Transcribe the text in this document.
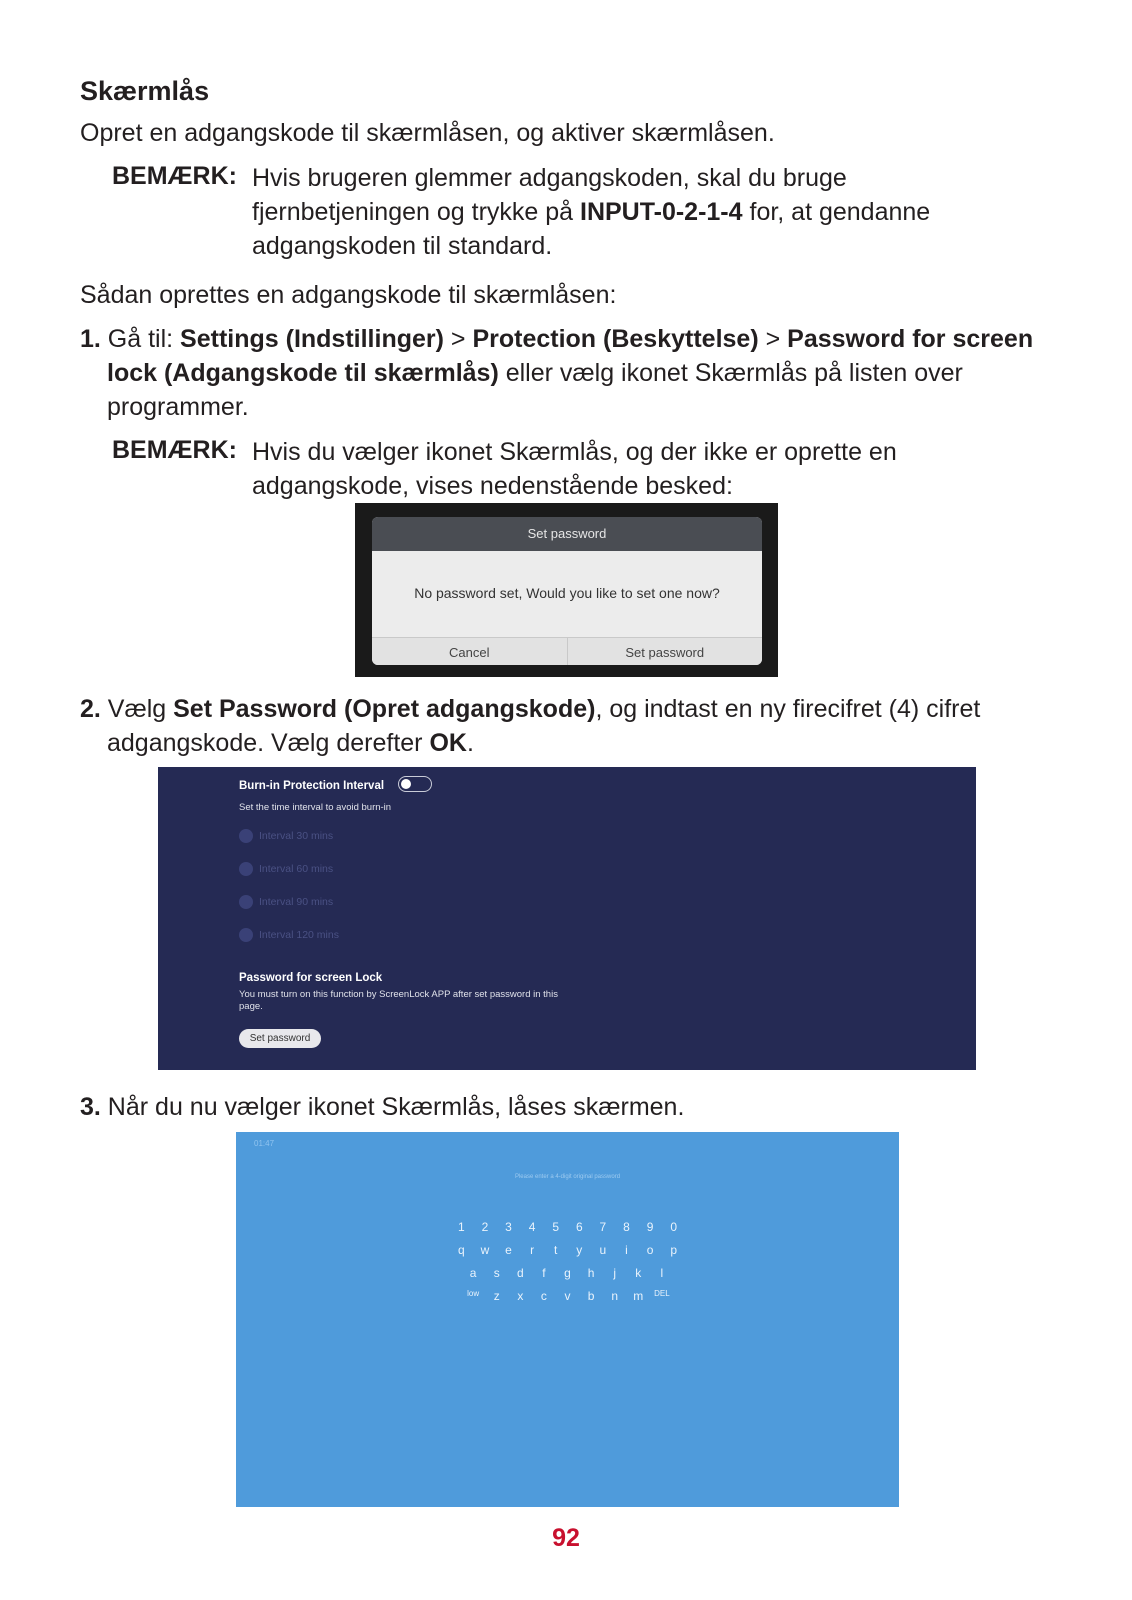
Skærmlås
Opret en adgangskode til skærmlåsen, og aktiver skærmlåsen.
BEMÆRK: Hvis brugeren glemmer adgangskoden, skal du bruge
fjernbetjeningen og trykke på INPUT-0-2-1-4 for, at gendanne
adgangskoden til standard.
Sådan oprettes en adgangskode til skærmlåsen:
1. Gå til: Settings (Indstillinger) > Protection (Beskyttelse) > Password for screen
lock (Adgangskode til skærmlås) eller vælg ikonet Skærmlås på listen over
programmer.
BEMÆRK: Hvis du vælger ikonet Skærmlås, og der ikke er oprette en
adgangskode, vises nedenstående besked:
Set password
No password set, Would you like to set one now?
Cancel	Set password
2. Vælg Set Password (Opret adgangskode), og indtast en ny firecifret (4) cifret
adgangskode. Vælg derefter OK.
Burn-in Protection Interval
Set the time interval to avoid burn-in
Interval 30 mins
Interval 60 mins
Interval 90 mins
Interval 120 mins
Password for screen Lock
You must turn on this function by ScreenLock APP after set password in this page.
Set password
3. Når du nu vælger ikonet Skærmlås, låses skærmen.
01:47
Please enter a 4-digit original password
1	2	3	4	5	6	7	8	9	0
q	w	e	r	t	y	u	i	o	p
a	s	d	f	g	h	j	k	l
low	z	x	c	v	b	n	m	DEL
92
